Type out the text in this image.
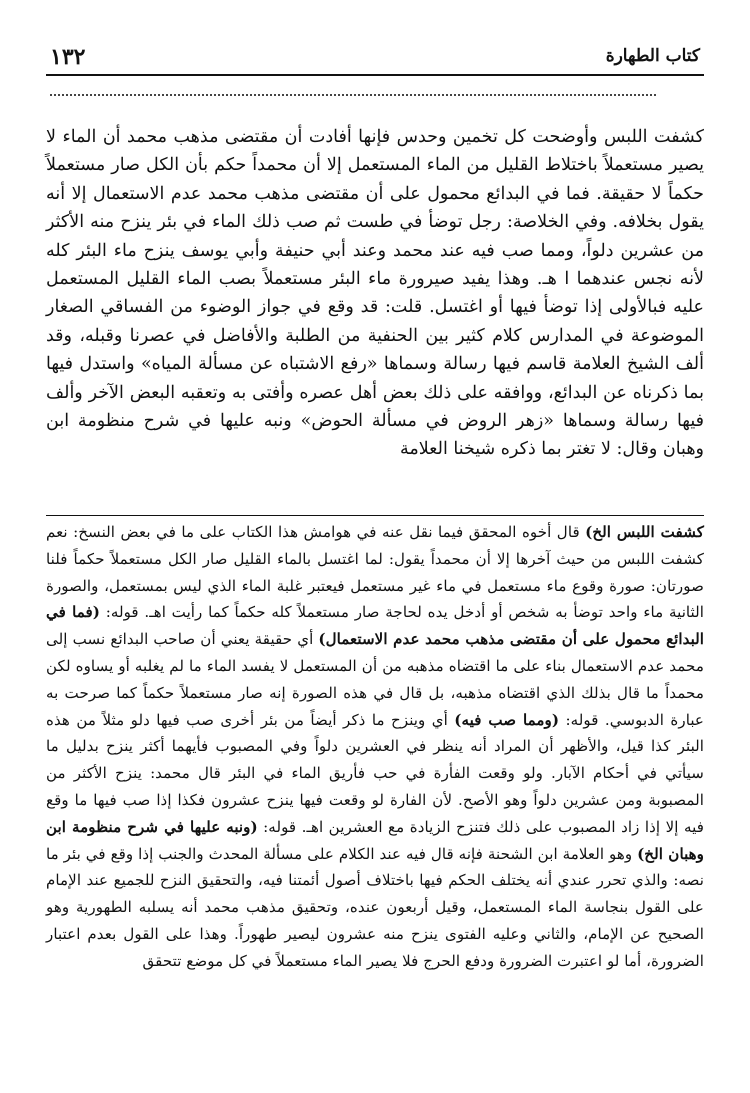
١٣٢	كتاب الطهارة

كشفت اللبس وأوضحت كل تخمين وحدس فإنها أفادت أن مقتضى مذهب محمد أن الماء لا يصير مستعملاً باختلاط القليل من الماء المستعمل إلا أن محمداً حكم بأن الكل صار مستعملاً حكماً لا حقيقة. فما في البدائع محمول على أن مقتضى مذهب محمد عدم الاستعمال إلا أنه يقول بخلافه. وفي الخلاصة: رجل توضأ في طست ثم صب ذلك الماء في بئر ينزح منه الأكثر من عشرين دلواً، ومما صب فيه عند محمد وعند أبي حنيفة وأبي يوسف ينزح ماء البئر كله لأنه نجس عندهما ا هـ. وهذا يفيد صيرورة ماء البئر مستعملاً بصب الماء القليل المستعمل عليه فبالأولى إذا توضأ فيها أو اغتسل. قلت: قد وقع في جواز الوضوء من الفساقي الصغار الموضوعة في المدارس كلام كثير بين الحنفية من الطلبة والأفاضل في عصرنا وقبله، وقد ألف الشيخ العلامة قاسم فيها رسالة وسماها «رفع الاشتباه عن مسألة المياه» واستدل فيها بما ذكرناه عن البدائع، ووافقه على ذلك بعض أهل عصره وأفتى به وتعقبه البعض الآخر وألف فيها رسالة وسماها «زهر الروض في مسألة الحوض» ونبه عليها في شرح منظومة ابن وهبان وقال: لا تغتر بما ذكره شيخنا العلامة

كشفت اللبس الخ) قال أخوه المحقق فيما نقل عنه في هوامش هذا الكتاب على ما في بعض النسخ: نعم كشفت اللبس من حيث آخرها إلا أن محمداً يقول: لما اغتسل بالماء القليل صار الكل مستعملاً حكماً فلنا صورتان: صورة وقوع ماء مستعمل في ماء غير مستعمل فيعتبر غلبة الماء الذي ليس بمستعمل، والصورة الثانية ماء واحد توضأ به شخص أو أدخل يده لحاجة صار مستعملاً كله حكماً كما رأيت اهـ. قوله: (فما في البدائع محمول على أن مقتضى مذهب محمد عدم الاستعمال) أي حقيقة يعني أن صاحب البدائع نسب إلى محمد عدم الاستعمال بناء على ما اقتضاه مذهبه من أن المستعمل لا يفسد الماء ما لم يغلبه أو يساوه لكن محمداً ما قال بذلك الذي اقتضاه مذهبه، بل قال في هذه الصورة إنه صار مستعملاً حكماً كما صرحت به عبارة الدبوسي. قوله: (ومما صب فيه) أي وينزح ما ذكر أيضاً من بئر أخرى صب فيها دلو مثلاً من هذه البئر كذا قيل، والأظهر أن المراد أنه ينظر في العشرين دلواً وفي المصبوب فأيهما أكثر ينزح بدليل ما سيأتي في أحكام الآبار. ولو وقعت الفأرة في حب فأريق الماء في البئر قال محمد: ينزح الأكثر من المصبوبة ومن عشرين دلواً وهو الأصح. لأن الفارة لو وقعت فيها ينزح عشرون فكذا إذا صب فيها ما وقع فيه إلا إذا زاد المصبوب على ذلك فتنزح الزيادة مع العشرين اهـ. قوله: (ونبه عليها في شرح منظومة ابن وهبان الخ) وهو العلامة ابن الشحنة فإنه قال فيه عند الكلام على مسألة المحدث والجنب إذا وقع في بئر ما نصه: والذي تحرر عندي أنه يختلف الحكم فيها باختلاف أصول أئمتنا فيه، والتحقيق النزح للجميع عند الإمام على القول بنجاسة الماء المستعمل، وقيل أربعون عنده، وتحقيق مذهب محمد أنه يسلبه الطهورية وهو الصحيح عن الإمام، والثاني وعليه الفتوى ينزح منه عشرون ليصير طهوراً. وهذا على القول بعدم اعتبار الضرورة، أما لو اعتبرت الضرورة ودفع الحرج فلا يصير الماء مستعملاً في كل موضع تتحقق
